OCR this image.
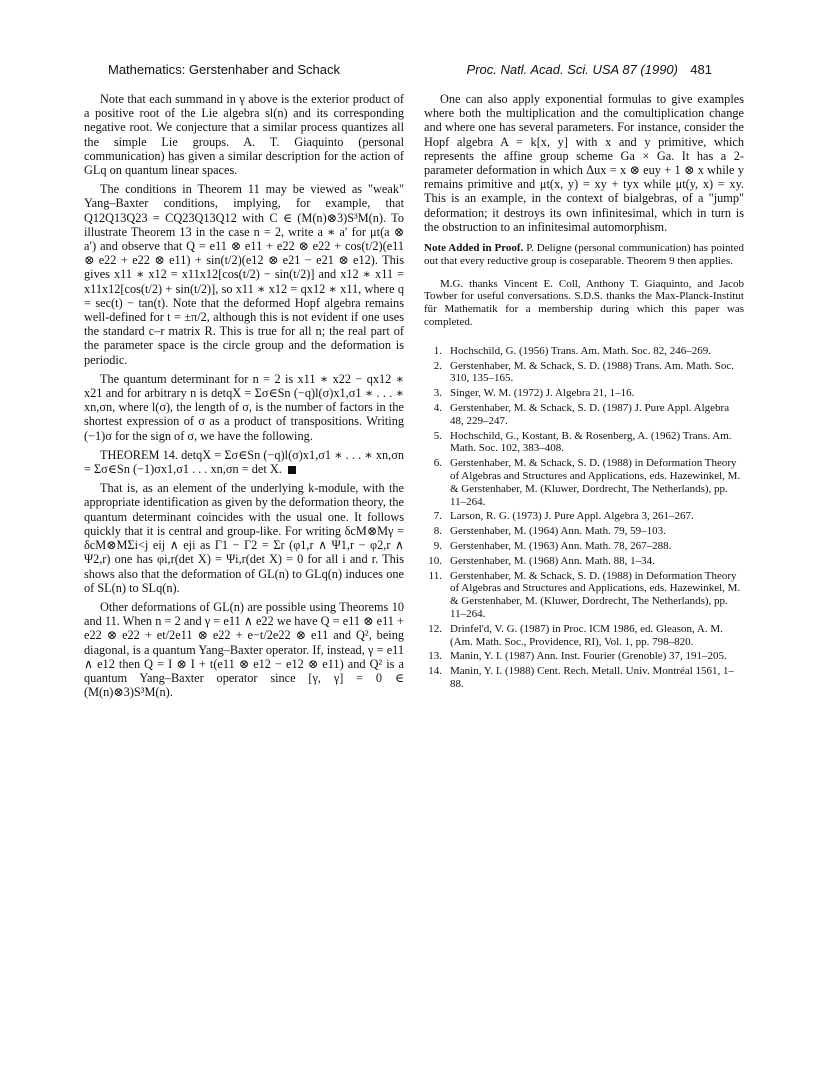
Mathematics: Gerstenhaber and Schack	Proc. Natl. Acad. Sci. USA 87 (1990) 481

Note that each summand in γ above is the exterior product of a positive root of the Lie algebra sl(n) and its corresponding negative root. We conjecture that a similar process quantizes all the simple Lie groups. A. T. Giaquinto (personal communication) has given a similar description for the action of GLq on quantum linear spaces.

The conditions in Theorem 11 may be viewed as "weak" Yang–Baxter conditions, implying, for example, that Q12Q13Q23 = CQ23Q13Q12 with C ∈ (M(n)⊗3)S³M(n). To illustrate Theorem 13 in the case n = 2, write a ∗ a′ for μt(a ⊗ a′) and observe that Q = e11 ⊗ e11 + e22 ⊗ e22 + cos(t/2)(e11 ⊗ e22 + e22 ⊗ e11) + sin(t/2)(e12 ⊗ e21 − e21 ⊗ e12). This gives x11 ∗ x12 = x11x12[cos(t/2) − sin(t/2)] and x12 ∗ x11 = x11x12[cos(t/2) + sin(t/2)], so x11 ∗ x12 = qx12 ∗ x11, where q = sec(t) − tan(t). Note that the deformed Hopf algebra remains well-defined for t = ±π/2, although this is not evident if one uses the standard c–r matrix R. This is true for all n; the real part of the parameter space is the circle group and the deformation is periodic.

The quantum determinant for n = 2 is x11 ∗ x22 − qx12 ∗ x21 and for arbitrary n is detqX = Σσ∈Sn (−q)l(σ)x1,σ1 ∗ . . . ∗ xn,σn, where l(σ), the length of σ, is the number of factors in the shortest expression of σ as a product of transpositions. Writing (−1)σ for the sign of σ, we have the following.

THEOREM 14. detqX = Σσ∈Sn (−q)l(σ)x1,σ1 ∗ . . . ∗ xn,σn = Σσ∈Sn (−1)σx1,σ1 . . . xn,σn = det X.

That is, as an element of the underlying k-module, with the appropriate identification as given by the deformation theory, the quantum determinant coincides with the usual one. It follows quickly that it is central and group-like. For writing δcM⊗Mγ = δcM⊗MΣi<j eij ∧ eji as Γ1 − Γ2 = Σr (φ1,r ∧ Ψ1,r − φ2,r ∧ Ψ2,r) one has φi,r(det X) = Ψi,r(det X) = 0 for all i and r. This shows also that the deformation of GL(n) to GLq(n) induces one of SL(n) to SLq(n).

Other deformations of GL(n) are possible using Theorems 10 and 11. When n = 2 and γ = e11 ∧ e22 we have Q = e11 ⊗ e11 + e22 ⊗ e22 + et/2e11 ⊗ e22 + e−t/2e22 ⊗ e11 and Q², being diagonal, is a quantum Yang–Baxter operator. If, instead, γ = e11 ∧ e12 then Q = I ⊗ I + t(e11 ⊗ e12 − e12 ⊗ e11) and Q² is a quantum Yang–Baxter operator since [γ, γ] = 0 ∈ (M(n)⊗3)S³M(n).

One can also apply exponential formulas to give examples where both the multiplication and the comultiplication change and where one has several parameters. For instance, consider the Hopf algebra A = k[x, y] with x and y primitive, which represents the affine group scheme Ga × Ga. It has a 2-parameter deformation in which Δux = x ⊗ euy + 1 ⊗ x while y remains primitive and μt(x, y) = xy + tyx while μt(y, x) = xy. This is an example, in the context of bialgebras, of a "jump" deformation; it destroys its own infinitesimal, which in turn is the obstruction to an infinitesimal automorphism.

Note Added in Proof. P. Deligne (personal communication) has pointed out that every reductive group is coseparable. Theorem 9 then applies.

M.G. thanks Vincent E. Coll, Anthony T. Giaquinto, and Jacob Towber for useful conversations. S.D.S. thanks the Max-Planck-Institut für Mathematik for a membership during which this paper was completed.

1. Hochschild, G. (1956) Trans. Am. Math. Soc. 82, 246–269.
2. Gerstenhaber, M. & Schack, S. D. (1988) Trans. Am. Math. Soc. 310, 135–165.
3. Singer, W. M. (1972) J. Algebra 21, 1–16.
4. Gerstenhaber, M. & Schack, S. D. (1987) J. Pure Appl. Algebra 48, 229–247.
5. Hochschild, G., Kostant, B. & Rosenberg, A. (1962) Trans. Am. Math. Soc. 102, 383–408.
6. Gerstenhaber, M. & Schack, S. D. (1988) in Deformation Theory of Algebras and Structures and Applications, eds. Hazewinkel, M. & Gerstenhaber, M. (Kluwer, Dordrecht, The Netherlands), pp. 11–264.
7. Larson, R. G. (1973) J. Pure Appl. Algebra 3, 261–267.
8. Gerstenhaber, M. (1964) Ann. Math. 79, 59–103.
9. Gerstenhaber, M. (1963) Ann. Math. 78, 267–288.
10. Gerstenhaber, M. (1968) Ann. Math. 88, 1–34.
11. Gerstenhaber, M. & Schack, S. D. (1988) in Deformation Theory of Algebras and Structures and Applications, eds. Hazewinkel, M. & Gerstenhaber, M. (Kluwer, Dordrecht, The Netherlands), pp. 11–264.
12. Drinfel'd, V. G. (1987) in Proc. ICM 1986, ed. Gleason, A. M. (Am. Math. Soc., Providence, RI), Vol. 1, pp. 798–820.
13. Manin, Y. I. (1987) Ann. Inst. Fourier (Grenoble) 37, 191–205.
14. Manin, Y. I. (1988) Cent. Rech. Metall. Univ. Montréal 1561, 1–88.
